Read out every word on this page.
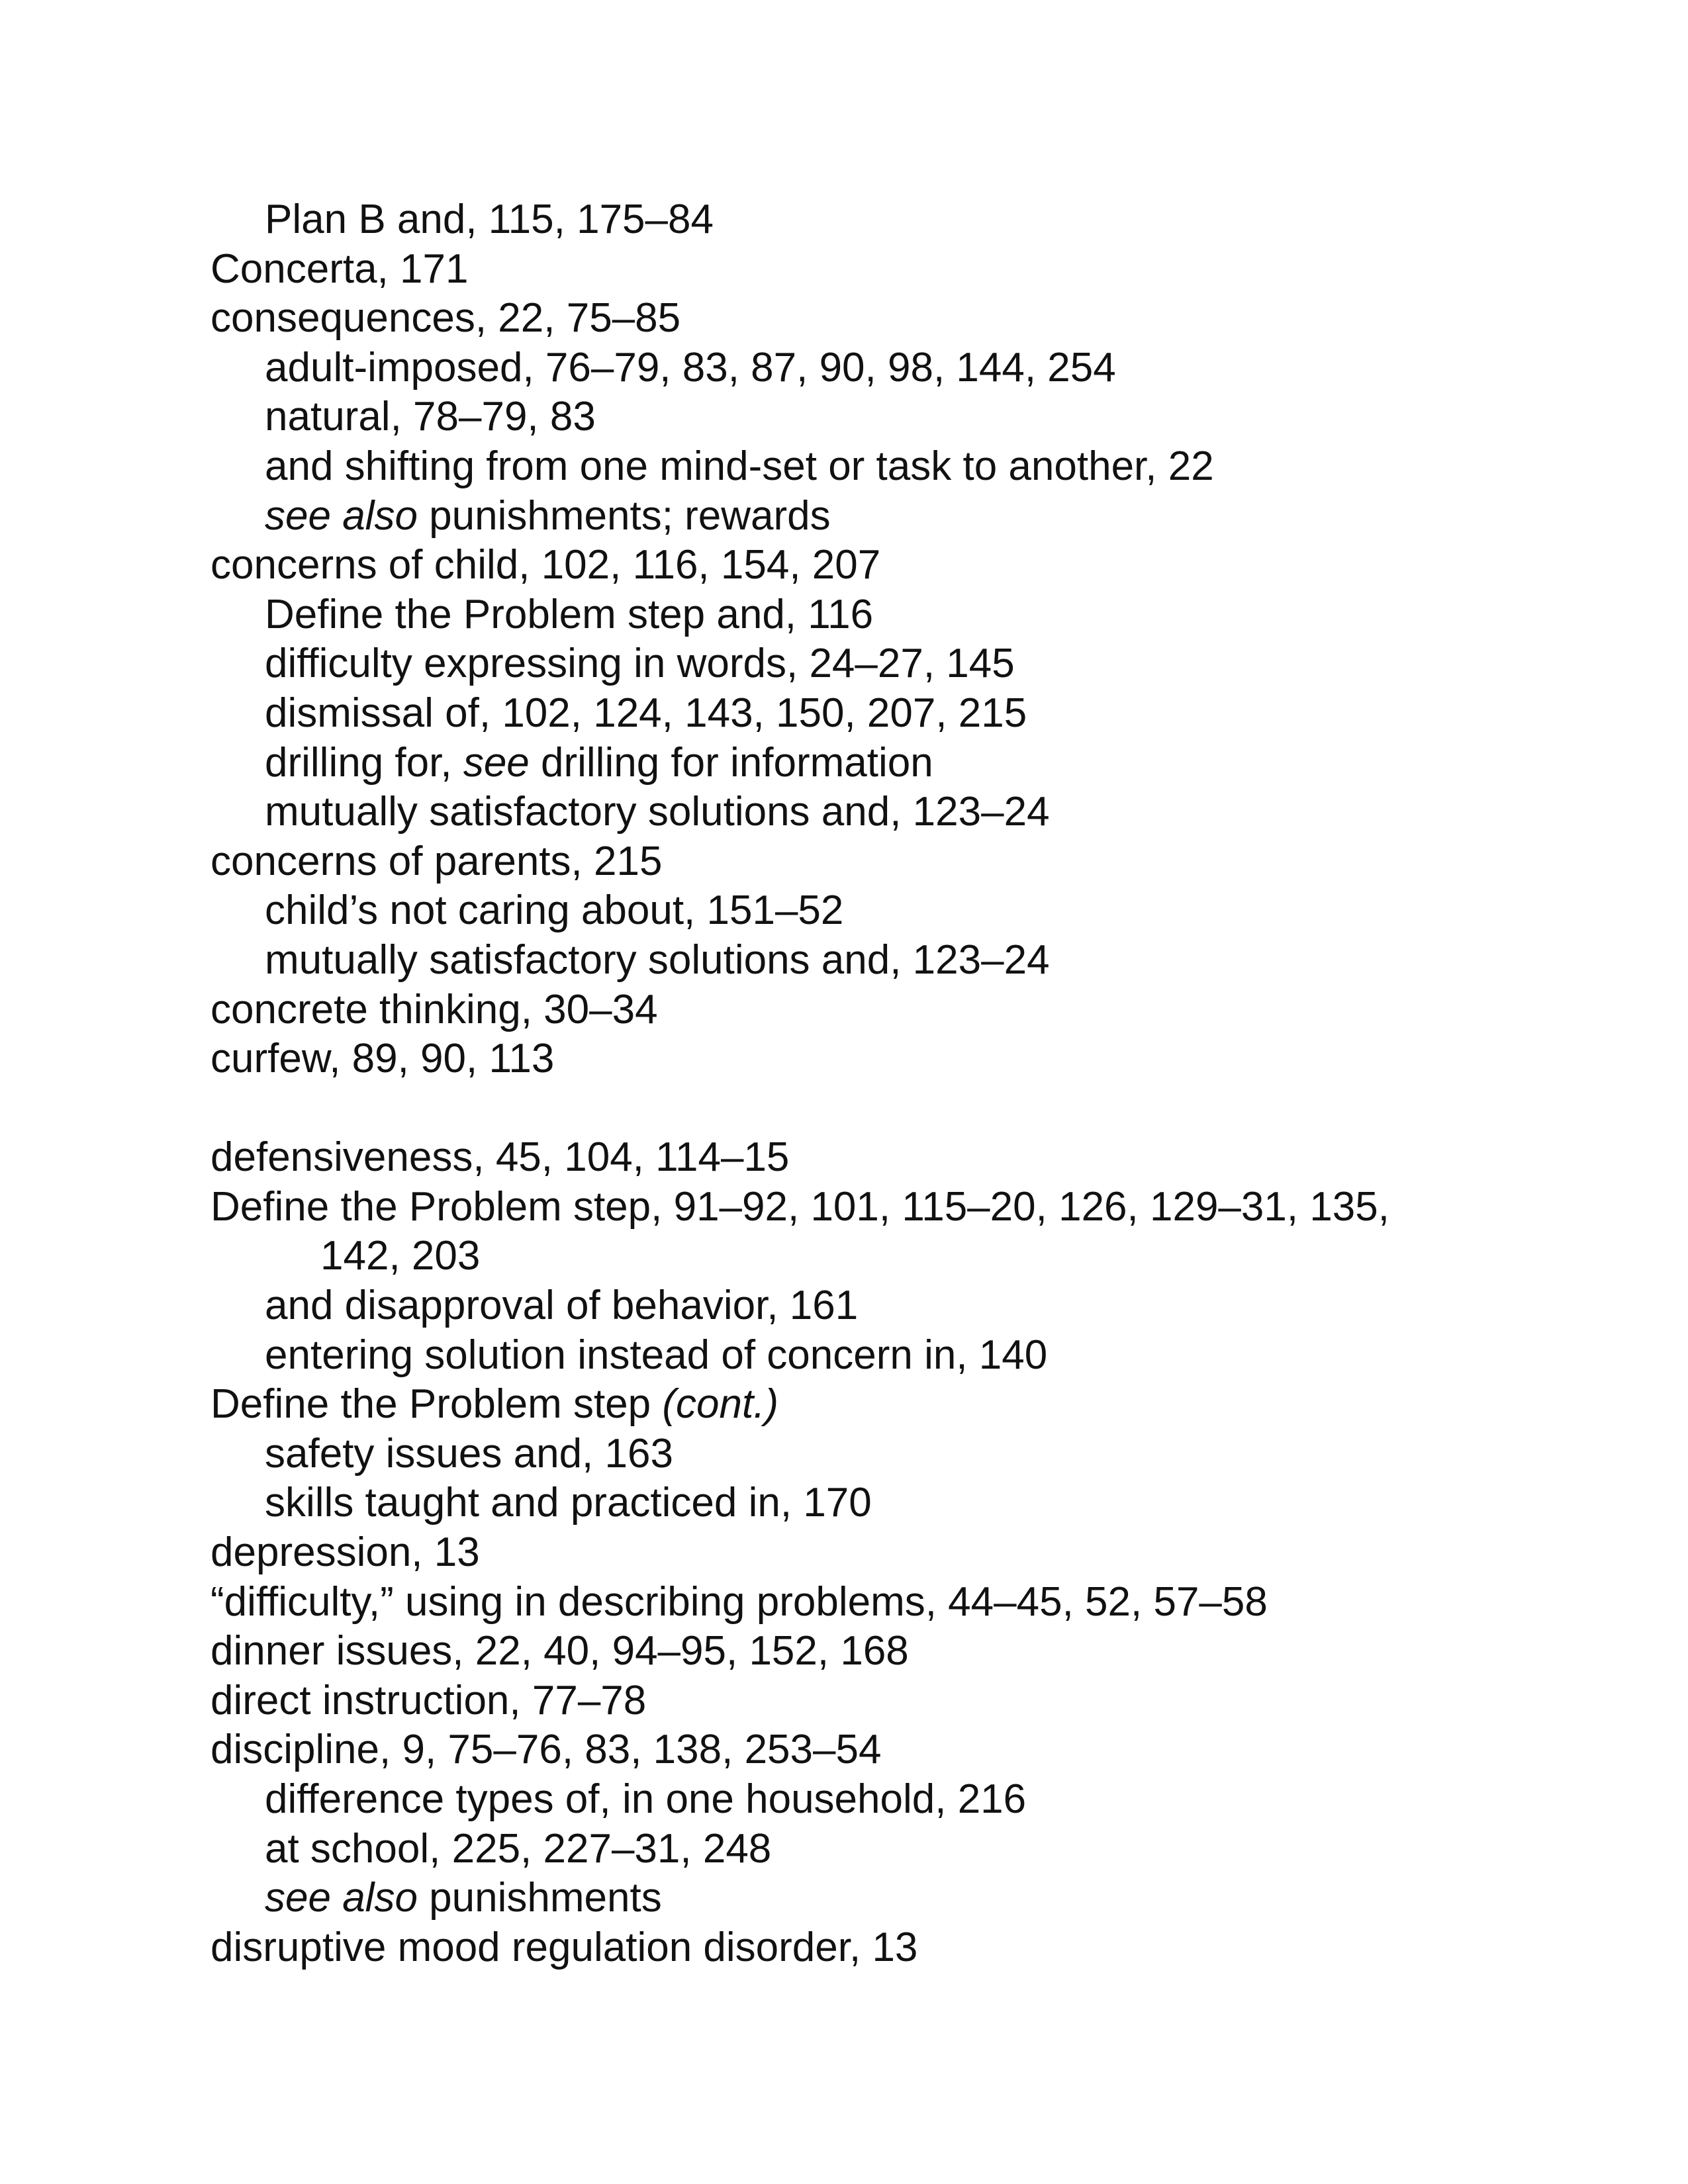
Plan B and, 115, 175–84
Concerta, 171
consequences, 22, 75–85
adult-imposed, 76–79, 83, 87, 90, 98, 144, 254
natural, 78–79, 83
and shifting from one mind-set or task to another, 22
see also punishments; rewards
concerns of child, 102, 116, 154, 207
Define the Problem step and, 116
difficulty expressing in words, 24–27, 145
dismissal of, 102, 124, 143, 150, 207, 215
drilling for, see drilling for information
mutually satisfactory solutions and, 123–24
concerns of parents, 215
child’s not caring about, 151–52
mutually satisfactory solutions and, 123–24
concrete thinking, 30–34
curfew, 89, 90, 113
defensiveness, 45, 104, 114–15
Define the Problem step, 91–92, 101, 115–20, 126, 129–31, 135,
142, 203
and disapproval of behavior, 161
entering solution instead of concern in, 140
Define the Problem step (cont.)
safety issues and, 163
skills taught and practiced in, 170
depression, 13
“difficulty,” using in describing problems, 44–45, 52, 57–58
dinner issues, 22, 40, 94–95, 152, 168
direct instruction, 77–78
discipline, 9, 75–76, 83, 138, 253–54
difference types of, in one household, 216
at school, 225, 227–31, 248
see also punishments
disruptive mood regulation disorder, 13
